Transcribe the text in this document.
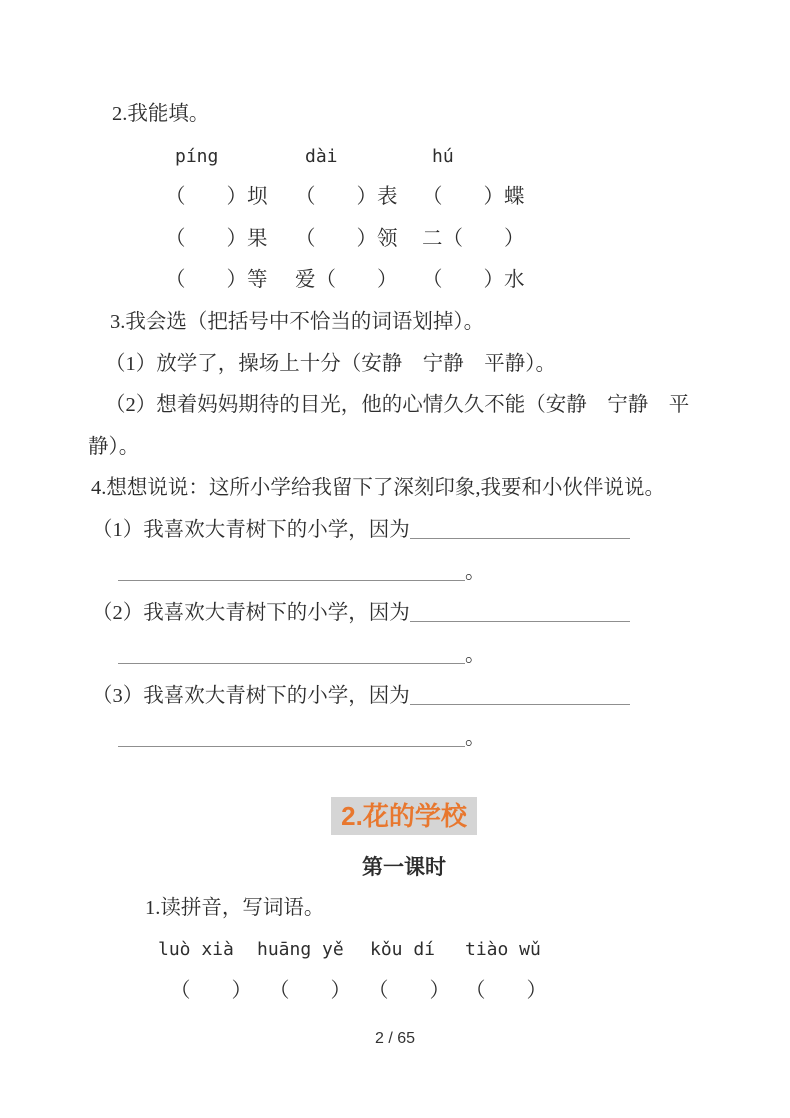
2.我能填。
píng	dài	hú
（　　）坝	（　　）表	（　　）蝶
（　　）果	（　　）领	二（　　）
（　　）等	爱（　　）	（　　）水
3.我会选（把括号中不恰当的词语划掉）。
（1）放学了，操场上十分（安静　宁静　平静）。
（2）想着妈妈期待的目光，他的心情久久不能（安静　宁静　平
静）。
4.想想说说：这所小学给我留下了深刻印象,我要和小伙伴说说。
（1）我喜欢大青树下的小学，因为
。
（2）我喜欢大青树下的小学，因为
。
（3）我喜欢大青树下的小学，因为
。
2.花的学校
第一课时
1.读拼音，写词语。
luò xià	huāng yě	kǒu dí	tiào wǔ
（　　） （　　） （　　） （　　）
2 / 65
